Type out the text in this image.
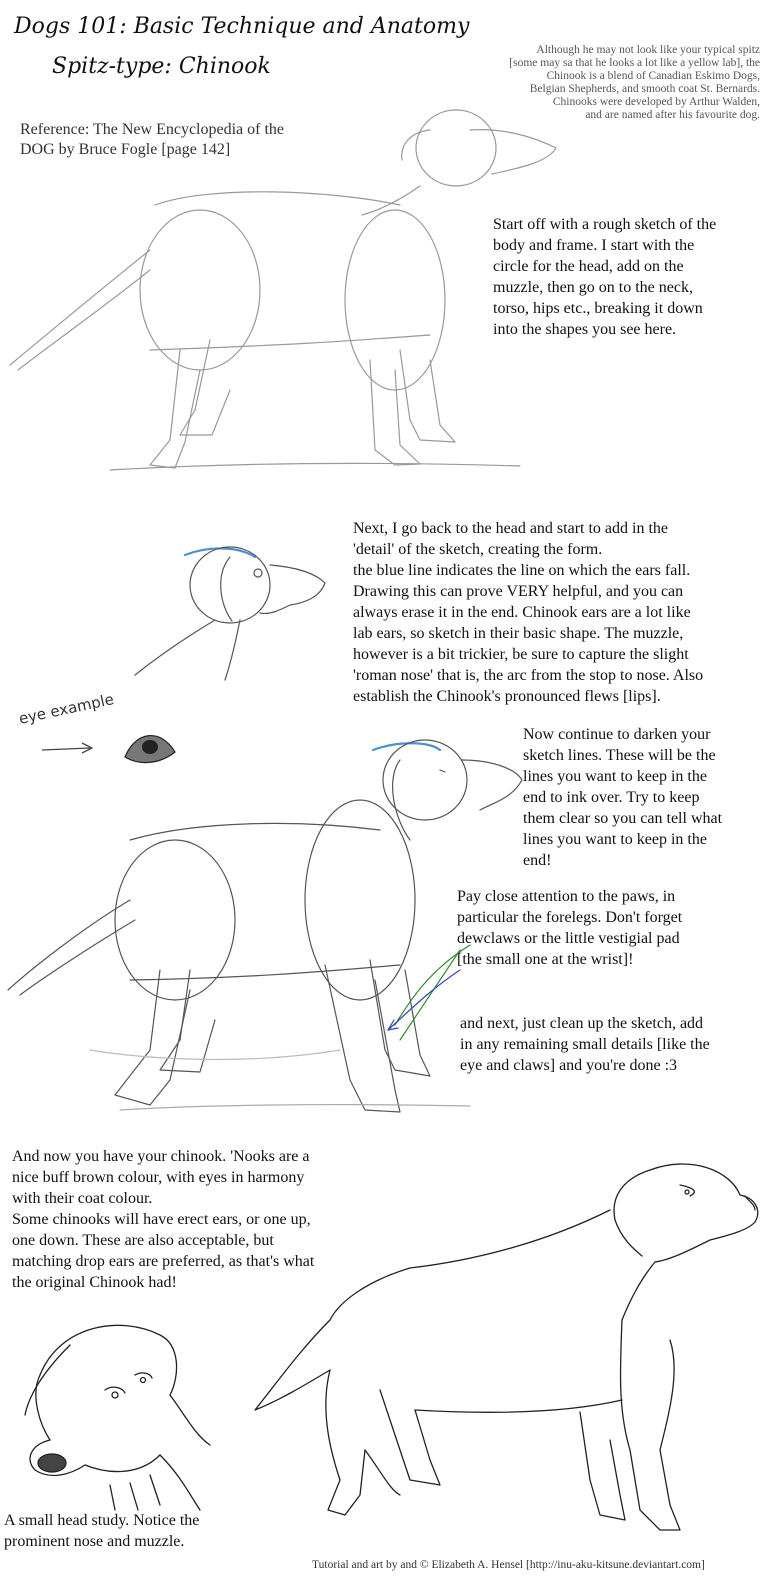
Dogs 101: Basic Technique and Anatomy
Spitz-type: Chinook
Although he may not look like your typical spitz
[some may sa that he looks a lot like a yellow lab], the
Chinook is a blend of Canadian Eskimo Dogs,
Belgian Shepherds, and smooth coat St. Bernards.
Chinooks were developed by Arthur Walden,
and are named after his favourite dog.
Reference: The New Encyclopedia of the
DOG by Bruce Fogle [page 142]
Start off with a rough sketch of the
body and frame. I start with the
circle for the head, add on the
muzzle, then go on to the neck,
torso, hips etc., breaking it down
into the shapes you see here.
Next, I go back to the head and start to add in the
'detail' of the sketch, creating the form.
the blue line indicates the line on which the ears fall.
Drawing this can prove VERY helpful, and you can
always erase it in the end. Chinook ears are a lot like
lab ears, so sketch in their basic shape. The muzzle,
however is a bit trickier, be sure to capture the slight
'roman nose' that is, the arc from the stop to nose. Also
establish the Chinook's pronounced flews [lips].
eye example
Now continue to darken your
sketch lines. These will be the
lines you want to keep in the
end to ink over. Try to keep
them clear so you can tell what
lines you want to keep in the
end!
Pay close attention to the paws, in
particular the forelegs. Don't forget
dewclaws or the little vestigial pad
[the small one at the wrist]!
and next, just clean up the sketch, add
in any remaining small details [like the
eye and claws] and you're done :3
And now you have your chinook. 'Nooks are a
nice buff brown colour, with eyes in harmony
with their coat colour.
Some chinooks will have erect ears, or one up,
one down. These are also acceptable, but
matching drop ears are preferred, as that's what
the original Chinook had!
A small head study. Notice the
prominent nose and muzzle.
Tutorial and art by and © Elizabeth A. Hensel [http://inu-aku-kitsune.deviantart.com]
